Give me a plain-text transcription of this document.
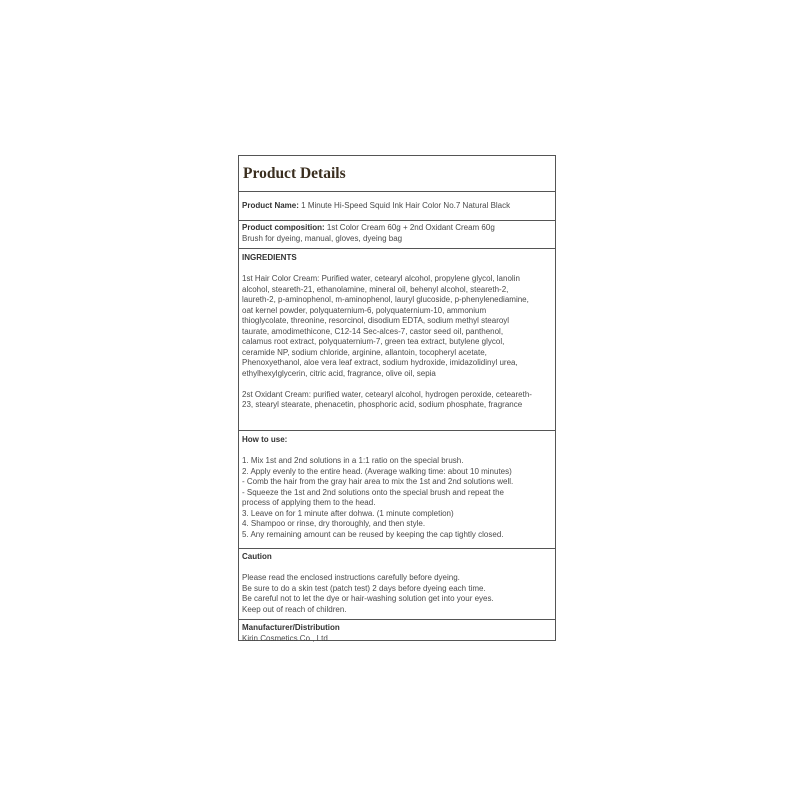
Product Details
Product Name: 1 Minute Hi-Speed Squid Ink Hair Color No.7 Natural Black
Product composition: 1st Color Cream 60g + 2nd Oxidant Cream 60g
Brush for dyeing, manual, gloves, dyeing bag
INGREDIENTS
1st Hair Color Cream: Purified water, cetearyl alcohol, propylene glycol, lanolin
alcohol, steareth-21, ethanolamine, mineral oil, behenyl alcohol, steareth-2,
laureth-2, p-aminophenol, m-aminophenol, lauryl glucoside, p-phenylenediamine,
oat kernel powder, polyquaternium-6, polyquaternium-10, ammonium
thioglycolate, threonine, resorcinol, disodium EDTA, sodium methyl stearoyl
taurate, amodimethicone, C12-14 Sec-alces-7, castor seed oil, panthenol,
calamus root extract, polyquaternium-7, green tea extract, butylene glycol,
ceramide NP, sodium chloride, arginine, allantoin, tocopheryl acetate,
Phenoxyethanol, aloe vera leaf extract, sodium hydroxide, imidazolidinyl urea,
ethylhexylglycerin, citric acid, fragrance, olive oil, sepia
2st Oxidant Cream: purified water, cetearyl alcohol, hydrogen peroxide, ceteareth-
23, stearyl stearate, phenacetin, phosphoric acid, sodium phosphate, fragrance
How to use:
1. Mix 1st and 2nd solutions in a 1:1 ratio on the special brush.
2. Apply evenly to the entire head. (Average walking time: about 10 minutes)
- Comb the hair from the gray hair area to mix the 1st and 2nd solutions well.
- Squeeze the 1st and 2nd solutions onto the special brush and repeat the
process of applying them to the head.
3. Leave on for 1 minute after dohwa. (1 minute completion)
4. Shampoo or rinse, dry thoroughly, and then style.
5. Any remaining amount can be reused by keeping the cap tightly closed.
Caution
Please read the enclosed instructions carefully before dyeing.
Be sure to do a skin test (patch test) 2 days before dyeing each time.
Be careful not to let the dye or hair-washing solution get into your eyes.
Keep out of reach of children.
Manufacturer/Distribution
Kirin Cosmetics Co., Ltd.
